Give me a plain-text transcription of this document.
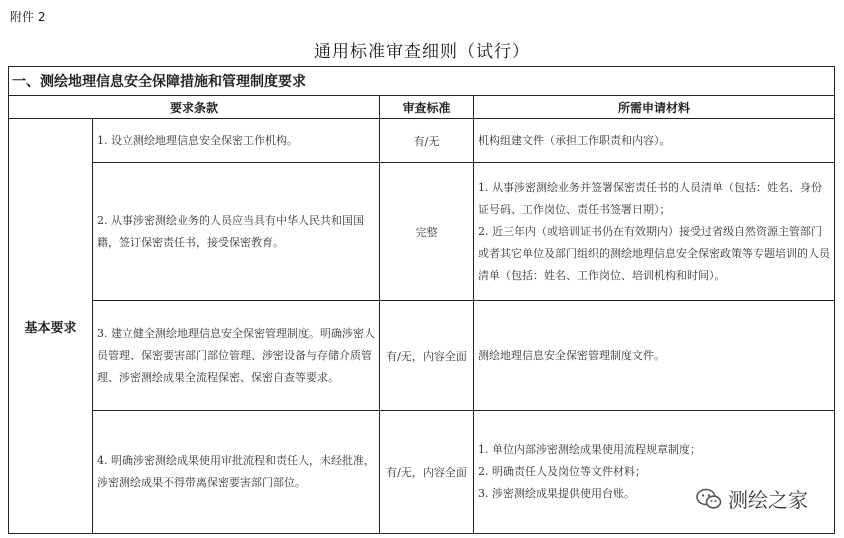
附件 2
通用标准审查细则（试行）
一、测绘地理信息安全保障措施和管理制度要求			
要求条款		审查标准	所需申请材料
基本要求	1. 设立测绘地理信息安全保密工作机构。	有/无	机构组建文件（承担工作职责和内容）。

	2. 从事涉密测绘业务的人员应当具有中华人民共和国国籍，签订保密责任书，接受保密教育。	完整	1. 从事涉密测绘业务并签署保密责任书的人员清单（包括：姓名、身份证号码、工作岗位、责任书签署日期）；
2. 近三年内（或培训证书仍在有效期内）接受过省级自然资源主管部门或者其它单位及部门组织的测绘地理信息安全保密政策等专题培训的人员清单（包括：姓名、工作岗位、培训机构和时间）。

	3. 建立健全测绘地理信息安全保密管理制度。明确涉密人员管理、保密要害部门部位管理、涉密设备与存储介质管理、涉密测绘成果全流程保密、保密自查等要求。	有/无，内容全面	测绘地理信息安全保密管理制度文件。

	4. 明确涉密测绘成果使用审批流程和责任人，未经批准，涉密测绘成果不得带离保密要害部门部位。	有/无，内容全面	1. 单位内部涉密测绘成果使用流程规章制度；
2. 明确责任人及岗位等文件材料；
3. 涉密测绘成果提供使用台账。	测绘之家
